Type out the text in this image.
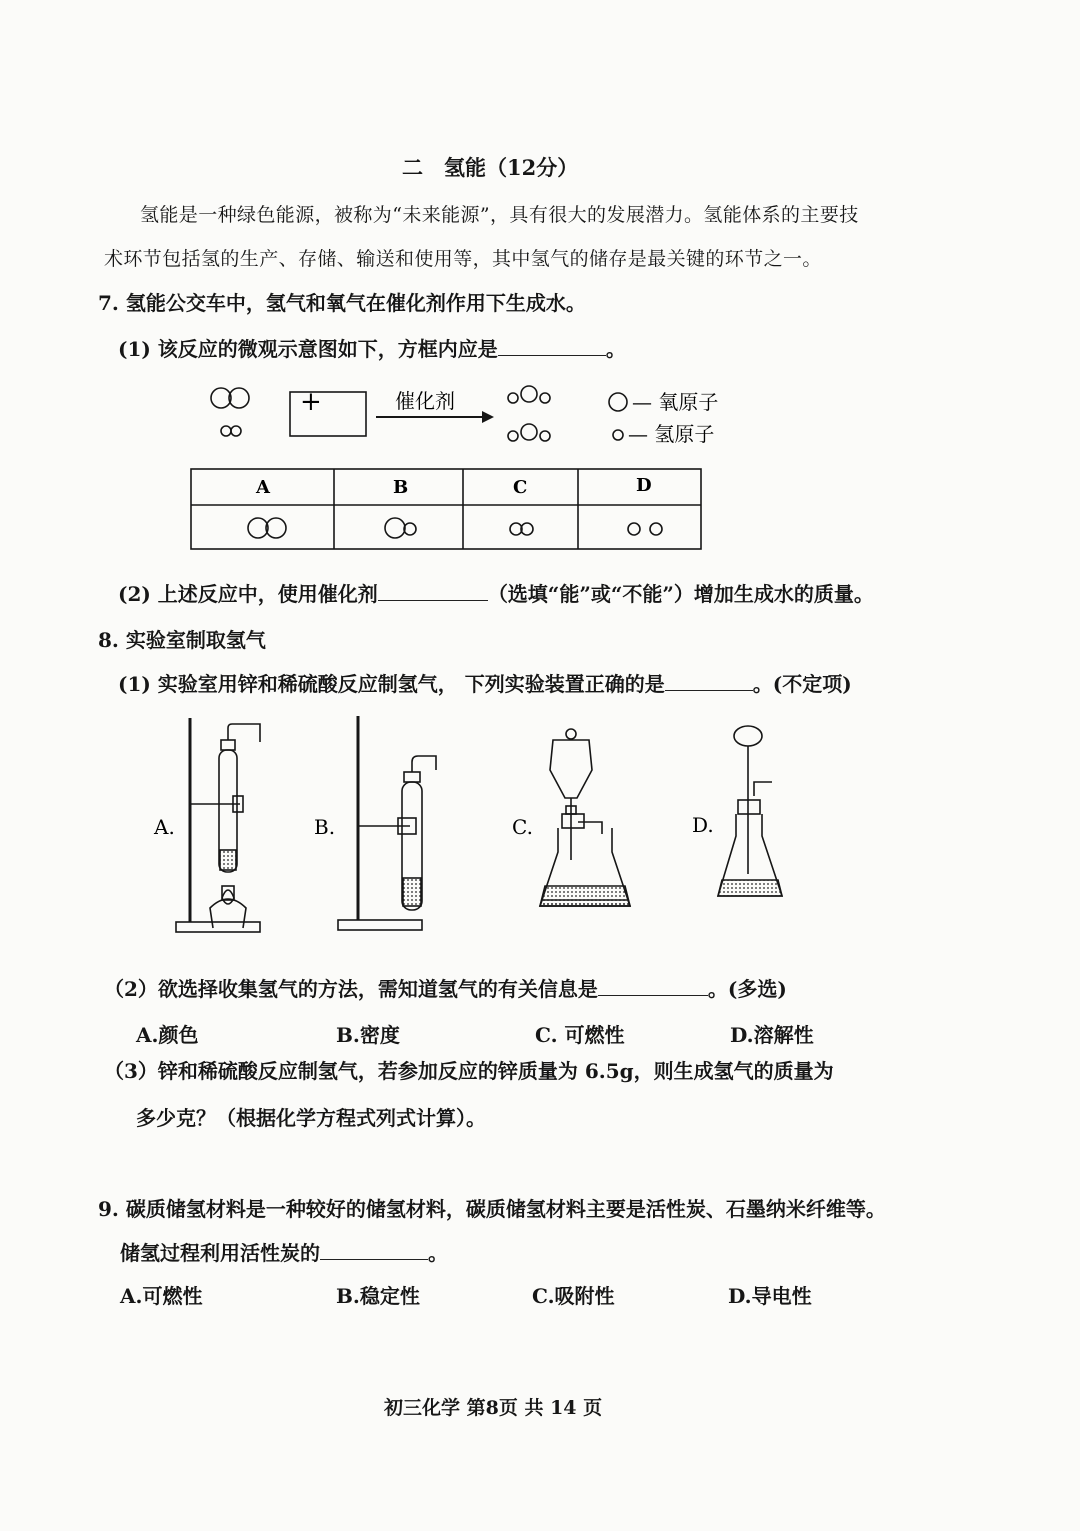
二　氢能（12分）
氢能是一种绿色能源，被称为“未来能源”，具有很大的发展潜力。氢能体系的主要技
术环节包括氢的生产、存储、输送和使用等，其中氢气的储存是最关键的环节之一。
7. 氢能公交车中，氢气和氧气在催化剂作用下生成水。
(1) 该反应的微观示意图如下，方框内应是	。
+	催化剂	— 氧原子
— 氢原子
A	B	C	D
(2) 上述反应中，使用催化剂	（选填“能”或“不能”）增加生成水的质量。
8. 实验室制取氢气
(1) 实验室用锌和稀硫酸反应制氢气， 下列实验装置正确的是	。(不定项)
A.	B.	C.	D.
（2）欲选择收集氢气的方法，需知道氢气的有关信息是	。(多选)
A.颜色	B.密度	C. 可燃性	D.溶解性
（3）锌和稀硫酸反应制氢气，若参加反应的锌质量为 6.5g，则生成氢气的质量为
多少克？（根据化学方程式列式计算）。
9. 碳质储氢材料是一种较好的储氢材料，碳质储氢材料主要是活性炭、石墨纳米纤维等。
储氢过程利用活性炭的	。
A.可燃性	B.稳定性	C.吸附性	D.导电性
初三化学 第8页 共 14 页
